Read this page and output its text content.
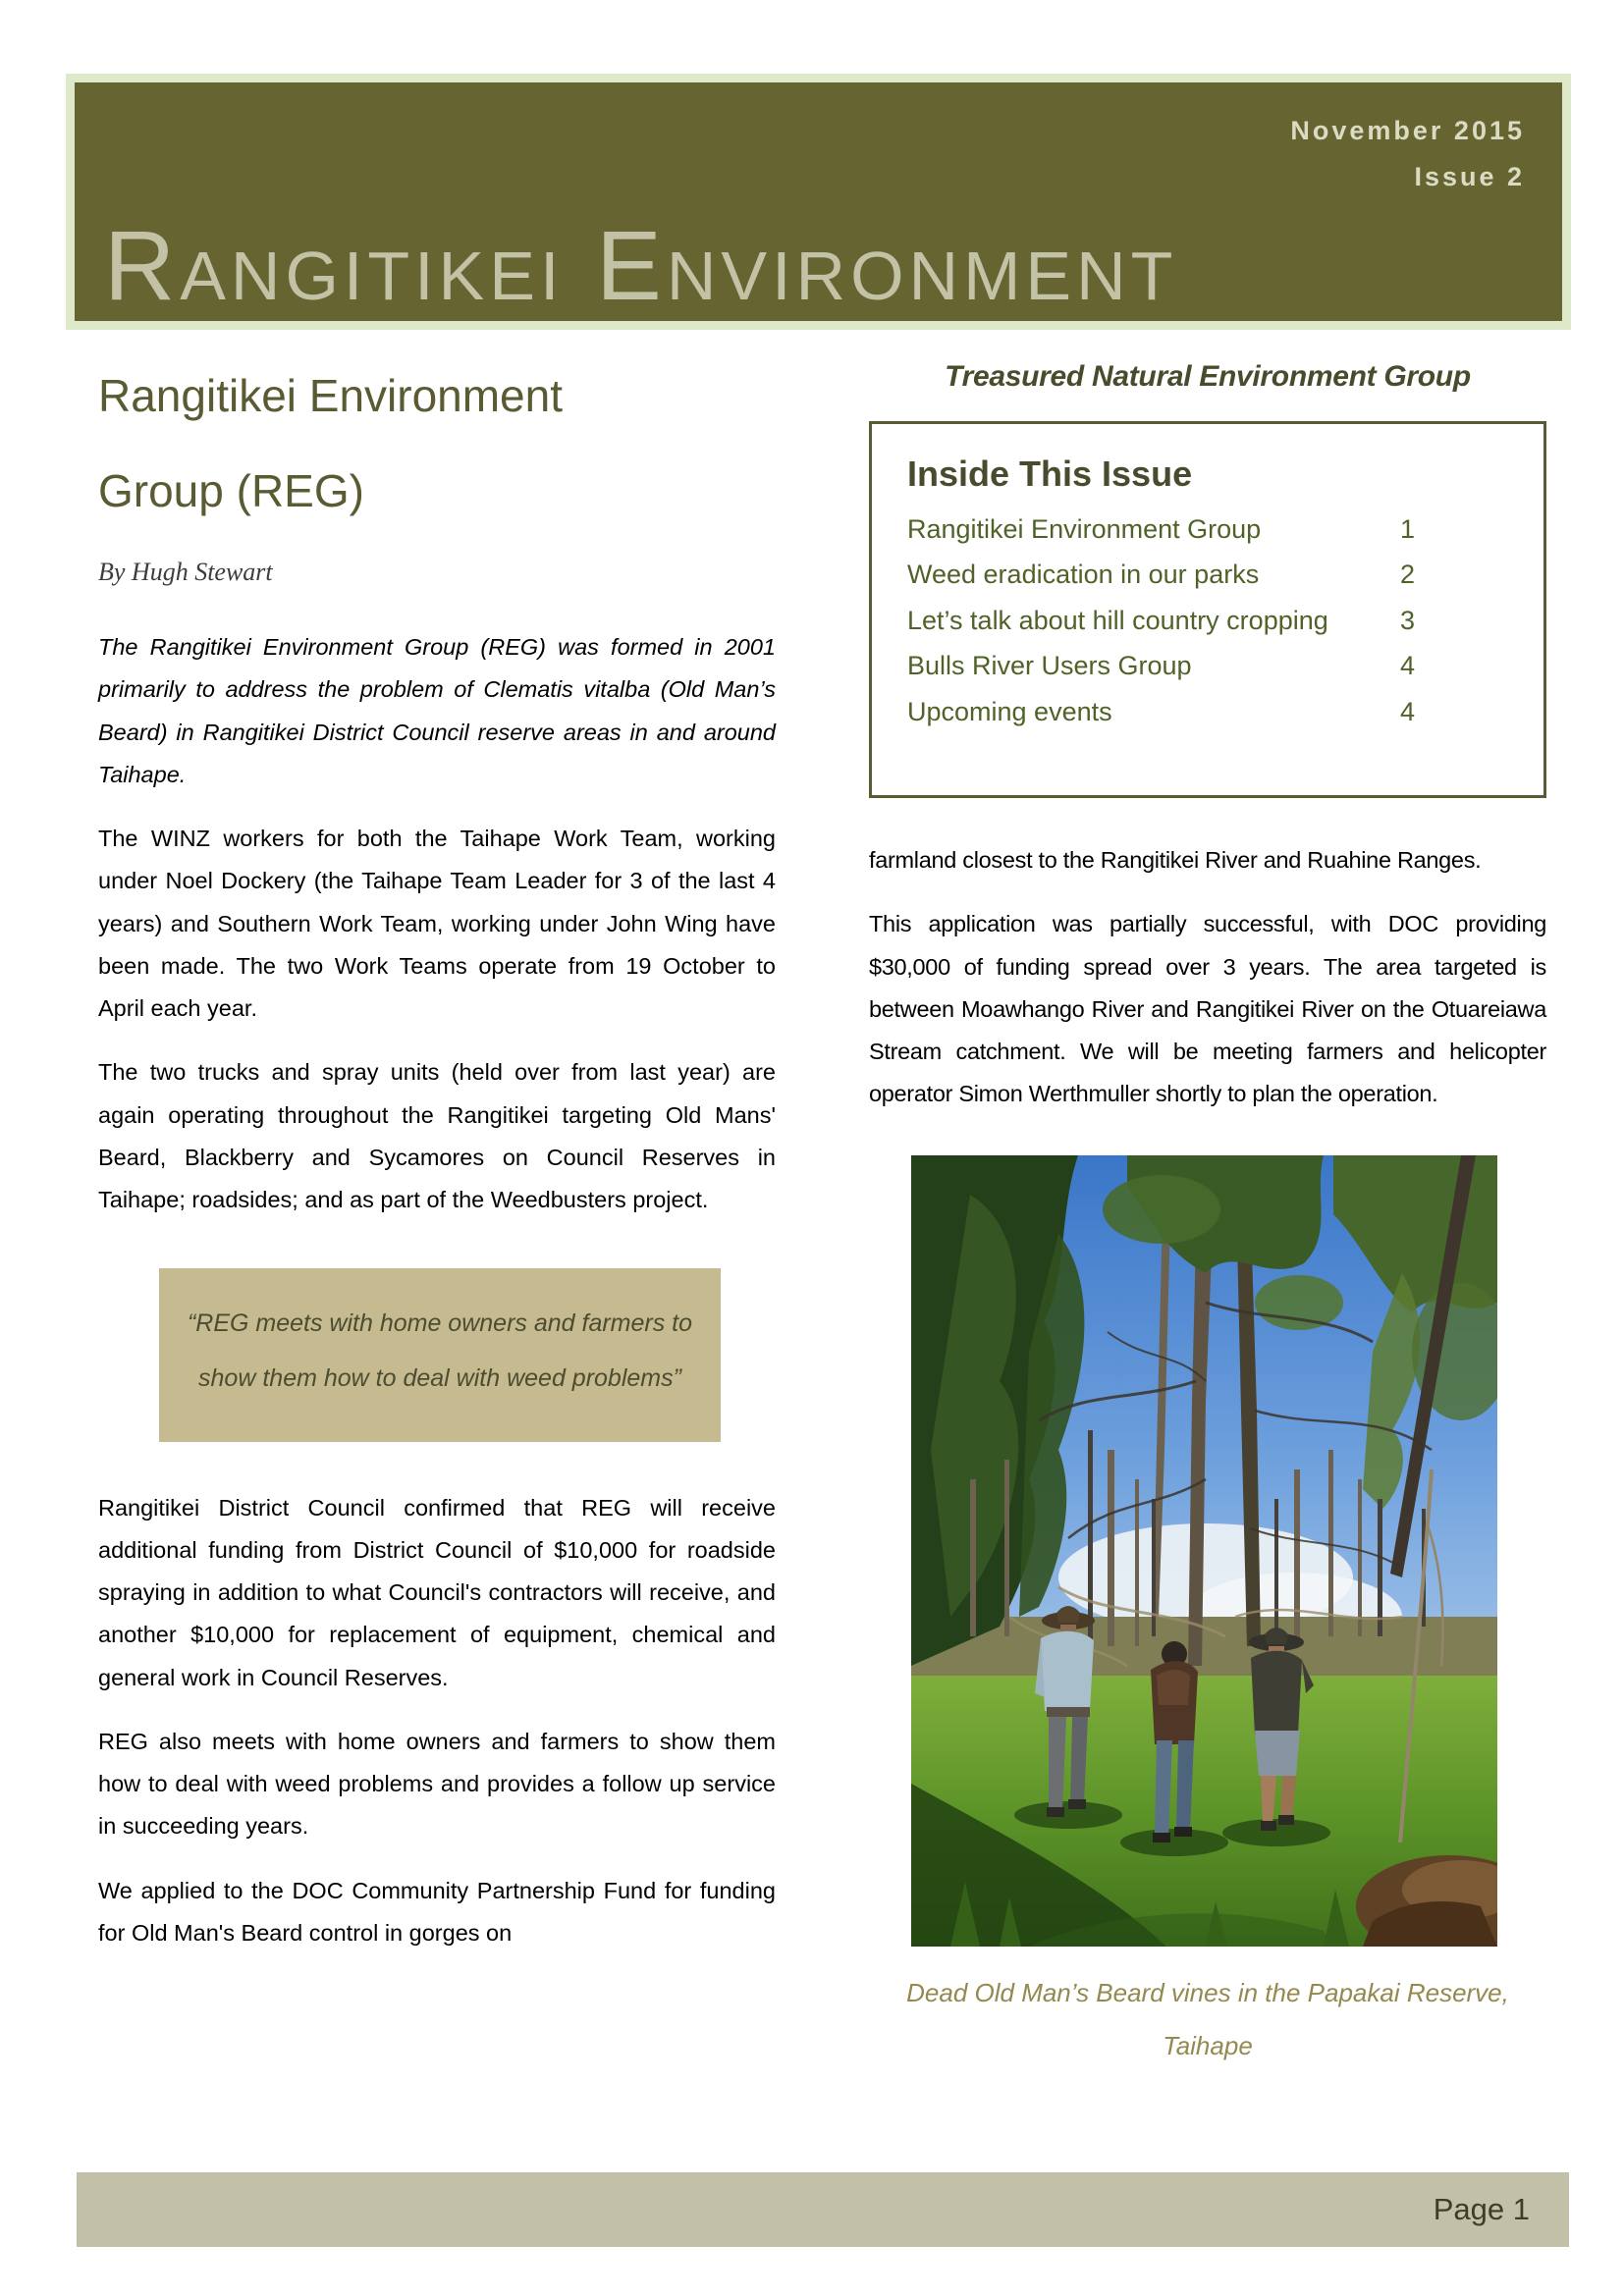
November 2015
Issue 2
Rangitikei Environment
Rangitikei Environment Group (REG)
By Hugh Stewart

The Rangitikei Environment Group (REG) was formed in 2001 primarily to address the problem of Clematis vitalba (Old Man’s Beard) in Rangitikei District Council reserve areas in and around Taihape.

The WINZ workers for both the Taihape Work Team, working under Noel Dockery (the Taihape Team Leader for 3 of the last 4 years) and Southern Work Team, working under John Wing have been made. The two Work Teams operate from 19 October to April each year.

The two trucks and spray units (held over from last year) are again operating throughout the Rangitikei targeting Old Mans' Beard, Blackberry and Sycamores on Council Reserves in Taihape; roadsides; and as part of the Weedbusters project.

“REG meets with home owners and farmers to show them how to deal with weed problems”

Rangitikei District Council confirmed that REG will receive additional funding from District Council of $10,000 for roadside spraying in addition to what Council's contractors will receive, and another $10,000 for replacement of equipment, chemical and general work in Council Reserves.

REG also meets with home owners and farmers to show them how to deal with weed problems and provides a follow up service in succeeding years.

We applied to the DOC Community Partnership Fund for funding for Old Man's Beard control in gorges on

Treasured Natural Environment Group
Inside This Issue
Rangitikei Environment Group	1
Weed eradication in our parks	2
Let’s talk about hill country cropping	3
Bulls River Users Group	4
Upcoming events	4

farmland closest to the Rangitikei River and Ruahine Ranges.

This application was partially successful, with DOC providing $30,000 of funding spread over 3 years. The area targeted is between Moawhango River and Rangitikei River on the Otuareiawa Stream catchment. We will be meeting farmers and helicopter operator Simon Werthmuller shortly to plan the operation.

Dead Old Man’s Beard vines in the Papakai Reserve, Taihape
Page 1
